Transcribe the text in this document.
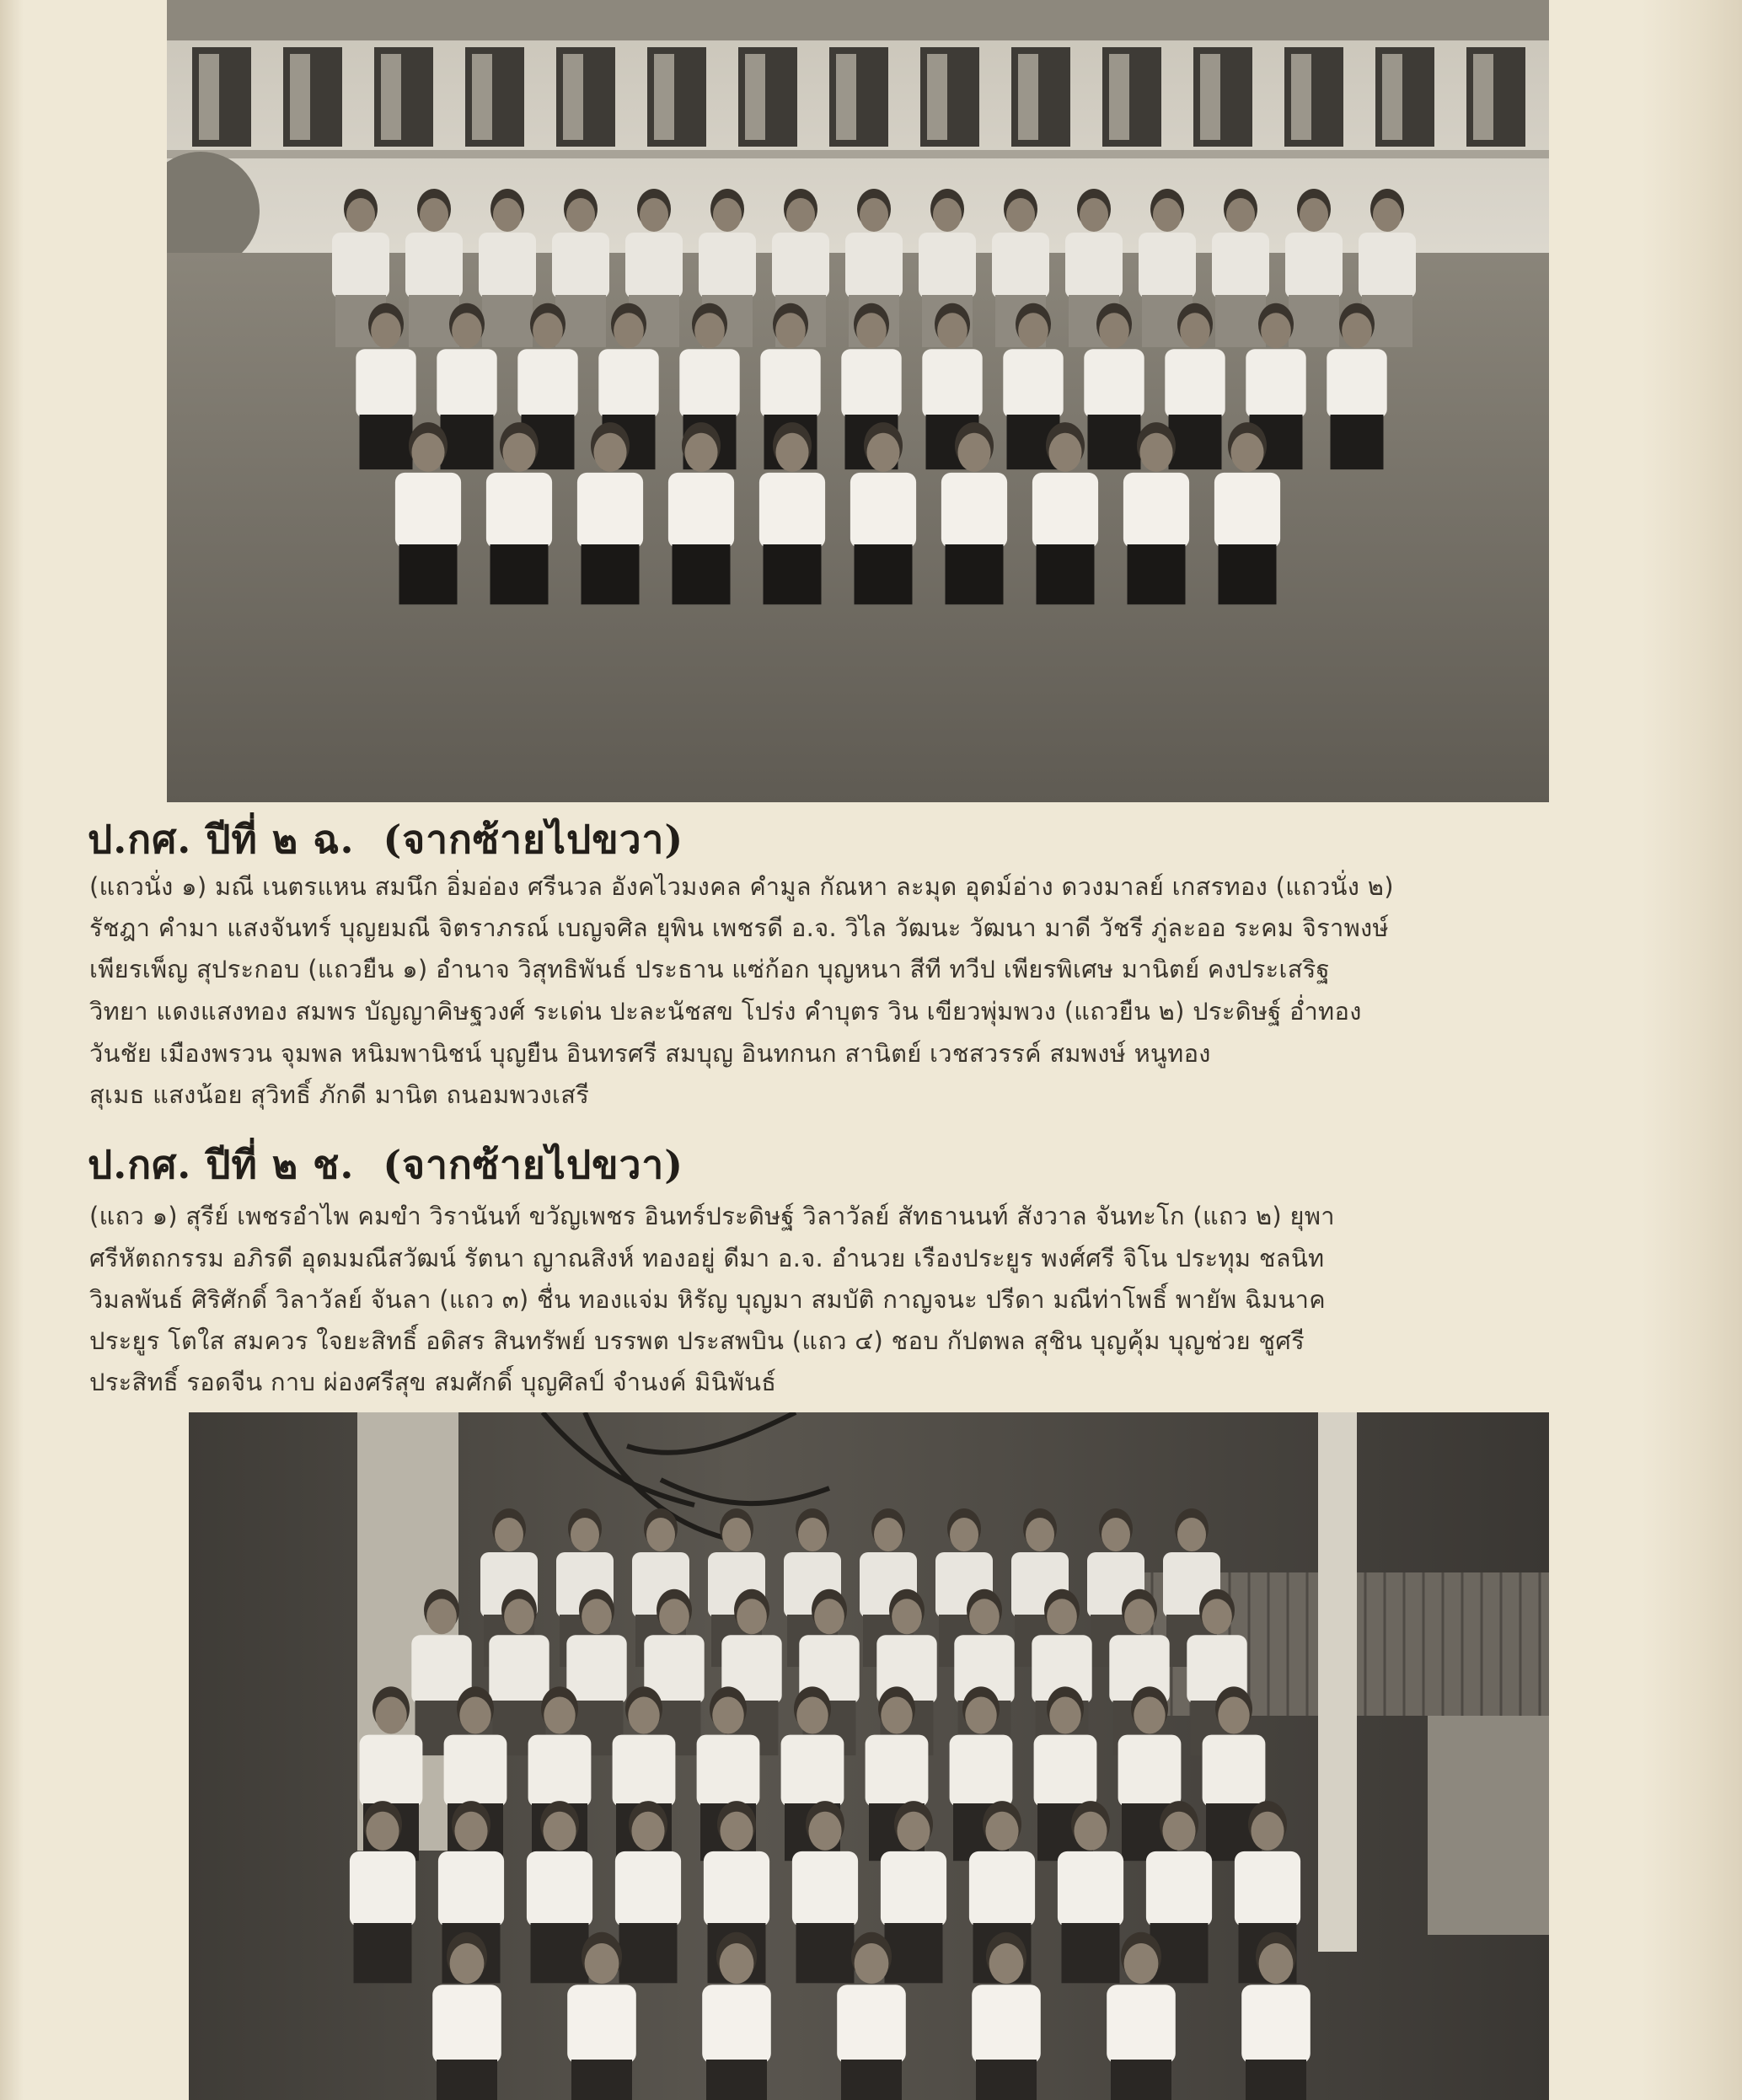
ป.กศ. ปีที่ ๒ ฉ. (จากซ้ายไปขวา)
(แถวนั่ง ๑) มณี เนตรแหน สมนึก อิ่มอ่อง ศรีนวล อังคไวมงคล คำมูล กัณหา ละมุด อุดม์อ่าง ดวงมาลย์ เกสรทอง (แถวนั่ง ๒)
รัชฎา คำมา แสงจันทร์ บุญยมณี จิตราภรณ์ เบญจศิล ยุพิน เพชรดี อ.จ. วิไล วัฒนะ วัฒนา มาดี วัชรี ภู่ละออ ระคม จิราพงษ์
เพียรเพ็ญ สุประกอบ (แถวยืน ๑) อำนาจ วิสุทธิพันธ์ ประธาน แซ่ก้อก บุญหนา สีที ทวีป เพียรพิเศษ มานิตย์ คงประเสริฐ
วิทยา แดงแสงทอง สมพร บัญญาคิษฐวงศ์ ระเด่น ปะละนัชสข โปร่ง คำบุตร วิน เขียวพุ่มพวง (แถวยืน ๒) ประดิษฐ์ อ่ำทอง
วันชัย เมืองพรวน จุมพล หนิมพานิชน์ บุญยืน อินทรศรี สมบุญ อินทกนก สานิตย์ เวชสวรรค์ สมพงษ์ หนูทอง
สุเมธ แสงน้อย สุวิทธิ์ ภักดี มานิต ถนอมพวงเสรี
ป.กศ. ปีที่ ๒ ช. (จากซ้ายไปขวา)
(แถว ๑) สุรีย์ เพชรอำไพ คมขำ วิรานันท์ ขวัญเพชร อินทร์ประดิษฐ์ วิลาวัลย์ สัทธานนท์ สังวาล จันทะโก (แถว ๒) ยุพา
ศรีหัตถกรรม อภิรดี อุดมมณีสวัฒน์ รัตนา ญาณสิงห์ ทองอยู่ ดีมา อ.จ. อำนวย เรืองประยูร พงศ์ศรี จิโน ประทุม ชลนิท
วิมลพันธ์ ศิริศักดิ์ วิลาวัลย์ จันลา (แถว ๓) ชื่น ทองแจ่ม หิรัญ บุญมา สมบัติ กาญจนะ ปรีดา มณีท่าโพธิ์ พายัพ ฉิมนาค
ประยูร โตใส สมควร ใจยะสิทธิ์ อดิสร สินทรัพย์ บรรพต ประสพบิน (แถว ๔) ชอบ กัปตพล สุชิน บุญคุ้ม บุญช่วย ชูศรี
ประสิทธิ์ รอดจีน กาบ ผ่องศรีสุข สมศักดิ์ บุญศิลป์ จำนงค์ มินิพันธ์
